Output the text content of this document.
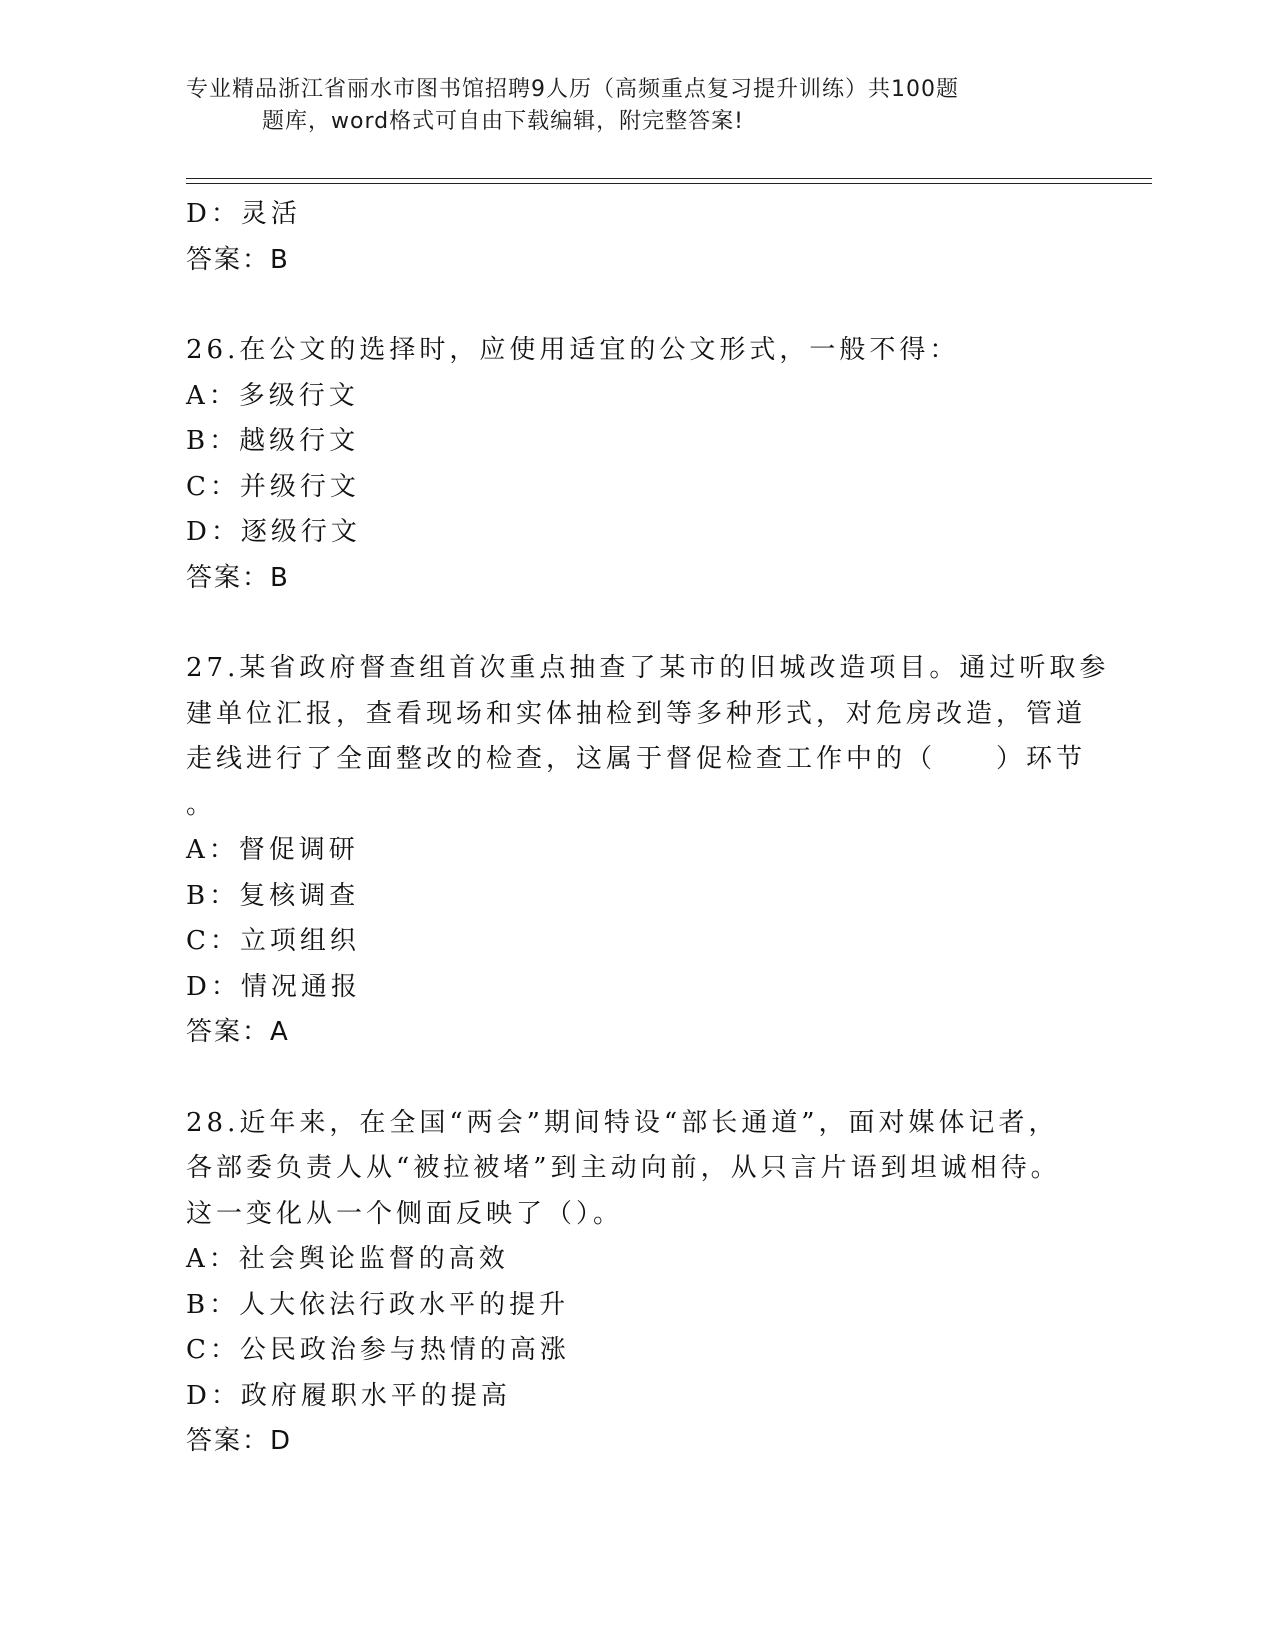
专业精品浙江省丽水市图书馆招聘9人历（高频重点复习提升训练）共100题
题库，word格式可自由下载编辑，附完整答案!
D：灵活
答案：B
26.在公文的选择时，应使用适宜的公文形式，一般不得：
A：多级行文
B：越级行文
C：并级行文
D：逐级行文
答案：B
27.某省政府督查组首次重点抽查了某市的旧城改造项目。通过听取参
建单位汇报，查看现场和实体抽检到等多种形式，对危房改造，管道
走线进行了全面整改的检查，这属于督促检查工作中的（　　）环节
。
A：督促调研
B：复核调查
C：立项组织
D：情况通报
答案：A
28.近年来，在全国“两会”期间特设“部长通道”，面对媒体记者，
各部委负责人从“被拉被堵”到主动向前，从只言片语到坦诚相待。
这一变化从一个侧面反映了（）。
A：社会舆论监督的高效
B：人大依法行政水平的提升
C：公民政治参与热情的高涨
D：政府履职水平的提高
答案：D
